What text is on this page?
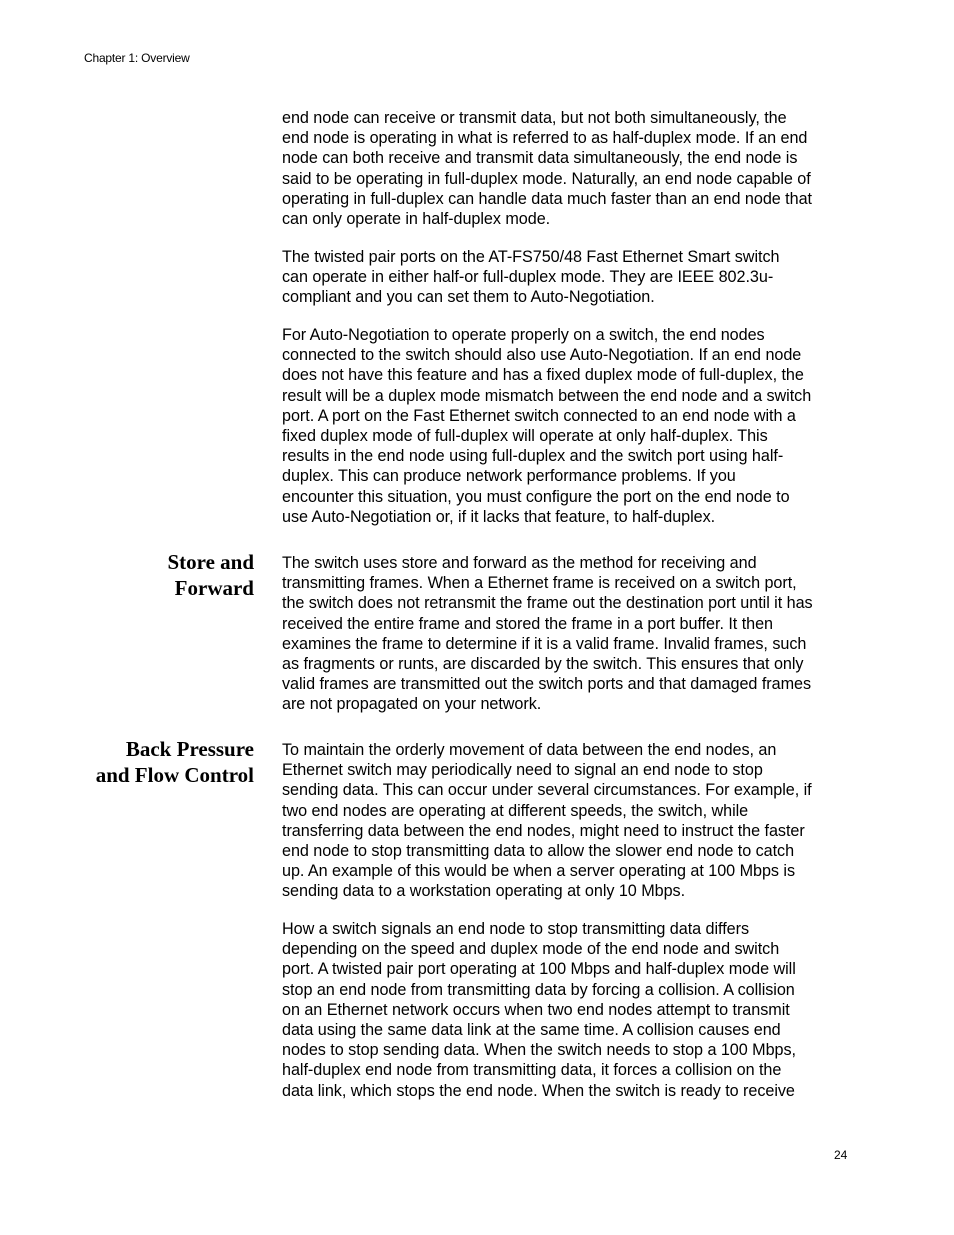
Chapter 1: Overview

end node can receive or transmit data, but not both simultaneously, the
end node is operating in what is referred to as half-duplex mode. If an end
node can both receive and transmit data simultaneously, the end node is
said to be operating in full-duplex mode. Naturally, an end node capable of
operating in full-duplex can handle data much faster than an end node that
can only operate in half-duplex mode.

The twisted pair ports on the AT-FS750/48 Fast Ethernet Smart switch
can operate in either half-or full-duplex mode. They are IEEE 802.3u-
compliant and you can set them to Auto-Negotiation.

For Auto-Negotiation to operate properly on a switch, the end nodes
connected to the switch should also use Auto-Negotiation. If an end node
does not have this feature and has a fixed duplex mode of full-duplex, the
result will be a duplex mode mismatch between the end node and a switch
port. A port on the Fast Ethernet switch connected to an end node with a
fixed duplex mode of full-duplex will operate at only half-duplex. This
results in the end node using full-duplex and the switch port using half-
duplex. This can produce network performance problems. If you
encounter this situation, you must configure the port on the end node to
use Auto-Negotiation or, if it lacks that feature, to half-duplex.

Store and
Forward

The switch uses store and forward as the method for receiving and
transmitting frames. When a Ethernet frame is received on a switch port,
the switch does not retransmit the frame out the destination port until it has
received the entire frame and stored the frame in a port buffer. It then
examines the frame to determine if it is a valid frame. Invalid frames, such
as fragments or runts, are discarded by the switch. This ensures that only
valid frames are transmitted out the switch ports and that damaged frames
are not propagated on your network.

Back Pressure
and Flow Control

To maintain the orderly movement of data between the end nodes, an
Ethernet switch may periodically need to signal an end node to stop
sending data. This can occur under several circumstances. For example, if
two end nodes are operating at different speeds, the switch, while
transferring data between the end nodes, might need to instruct the faster
end node to stop transmitting data to allow the slower end node to catch
up. An example of this would be when a server operating at 100 Mbps is
sending data to a workstation operating at only 10 Mbps.

How a switch signals an end node to stop transmitting data differs
depending on the speed and duplex mode of the end node and switch
port. A twisted pair port operating at 100 Mbps and half-duplex mode will
stop an end node from transmitting data by forcing a collision. A collision
on an Ethernet network occurs when two end nodes attempt to transmit
data using the same data link at the same time. A collision causes end
nodes to stop sending data. When the switch needs to stop a 100 Mbps,
half-duplex end node from transmitting data, it forces a collision on the
data link, which stops the end node. When the switch is ready to receive

24
